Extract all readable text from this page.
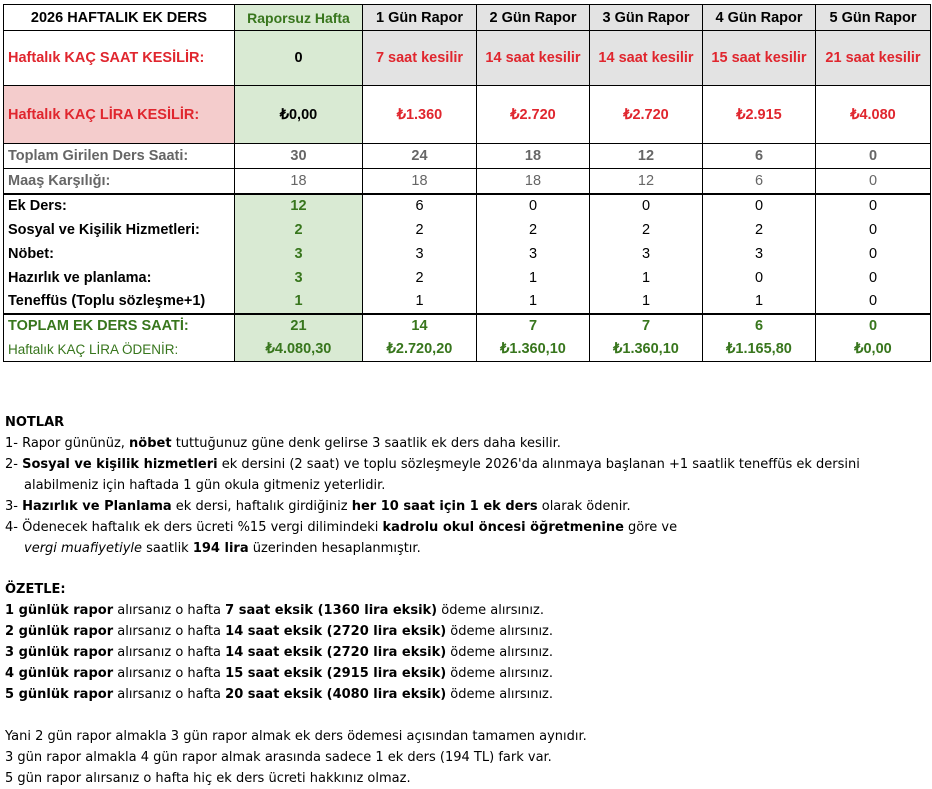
2026 HAFTALIK EK DERS	Raporsuz Hafta	1 Gün Rapor	2 Gün Rapor	3 Gün Rapor	4 Gün Rapor	5 Gün Rapor
Haftalık KAÇ SAAT KESİLİR:	0	7 saat kesilir	14 saat kesilir	14 saat kesilir	15 saat kesilir	21 saat kesilir
Haftalık KAÇ LİRA KESİLİR:	₺0,00	₺1.360	₺2.720	₺2.720	₺2.915	₺4.080
Toplam Girilen Ders Saati:	30	24	18	12	6	0
Maaş Karşılığı:	18	18	18	12	6	0
Ek Ders:	12	6	0	0	0	0
Sosyal ve Kişilik Hizmetleri:	2	2	2	2	2	0
Nöbet:	3	3	3	3	3	0
Hazırlık ve planlama:	3	2	1	1	0	0
Teneffüs (Toplu sözleşme+1)	1	1	1	1	1	0
TOPLAM EK DERS SAATİ:	21	14	7	7	6	0
Haftalık KAÇ LİRA ÖDENİR:	₺4.080,30	₺2.720,20	₺1.360,10	₺1.360,10	₺1.165,80	₺0,00
NOTLAR
1- Rapor gününüz, nöbet tuttuğunuz güne denk gelirse 3 saatlik ek ders daha kesilir.
2- Sosyal ve kişilik hizmetleri ek dersini (2 saat) ve toplu sözleşmeyle 2026'da alınmaya başlanan +1 saatlik teneffüs ek dersini
alabilmeniz için haftada 1 gün okula gitmeniz yeterlidir.
3- Hazırlık ve Planlama ek dersi, haftalık girdiğiniz her 10 saat için 1 ek ders olarak ödenir.
4- Ödenecek haftalık ek ders ücreti %15 vergi dilimindeki kadrolu okul öncesi öğretmenine göre ve
vergi muafiyetiyle saatlik 194 lira üzerinden hesaplanmıştır.
ÖZETLE:
1 günlük rapor alırsanız o hafta 7 saat eksik (1360 lira eksik) ödeme alırsınız.
2 günlük rapor alırsanız o hafta 14 saat eksik (2720 lira eksik) ödeme alırsınız.
3 günlük rapor alırsanız o hafta 14 saat eksik (2720 lira eksik) ödeme alırsınız.
4 günlük rapor alırsanız o hafta 15 saat eksik (2915 lira eksik) ödeme alırsınız.
5 günlük rapor alırsanız o hafta 20 saat eksik (4080 lira eksik) ödeme alırsınız.
Yani 2 gün rapor almakla 3 gün rapor almak ek ders ödemesi açısından tamamen aynıdır.
3 gün rapor almakla 4 gün rapor almak arasında sadece 1 ek ders (194 TL) fark var.
5 gün rapor alırsanız o hafta hiç ek ders ücreti hakkınız olmaz.
